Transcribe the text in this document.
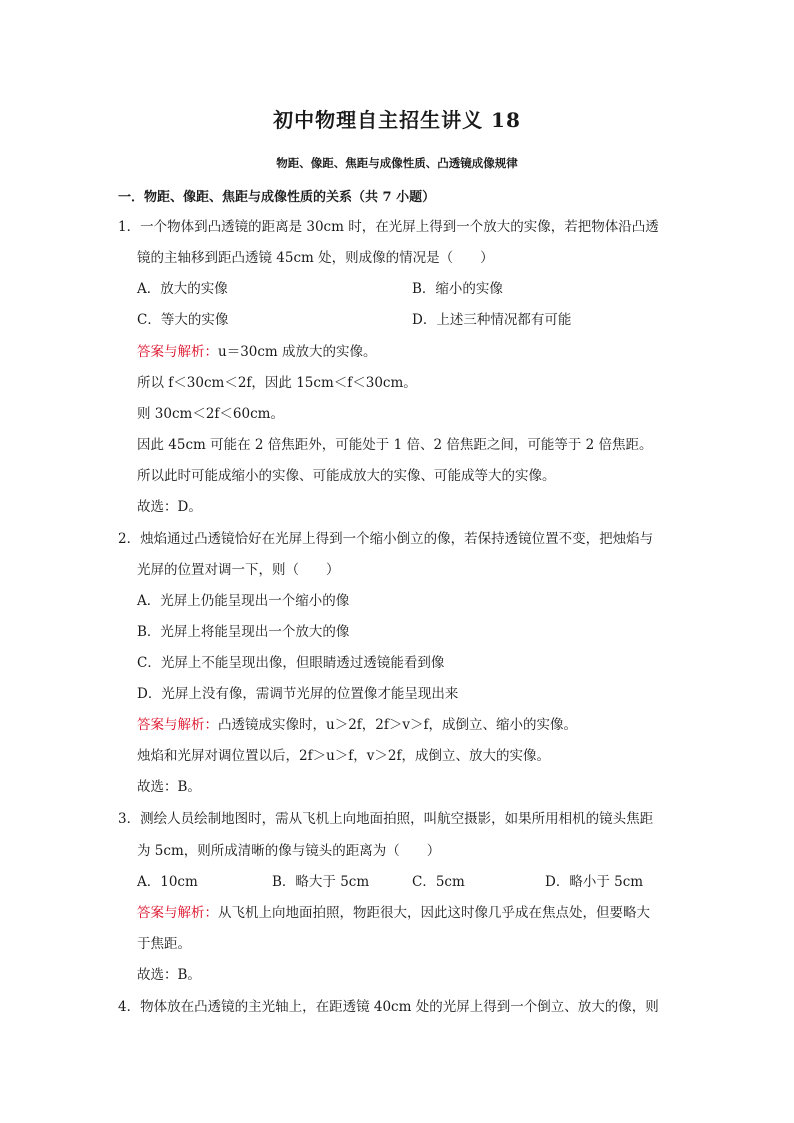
初中物理自主招生讲义 18
物距、像距、焦距与成像性质、凸透镜成像规律
一．物距、像距、焦距与成像性质的关系（共 7 小题）
1．一个物体到凸透镜的距离是 30cm 时，在光屏上得到一个放大的实像，若把物体沿凸透
镜的主轴移到距凸透镜 45cm 处，则成像的情况是（　　）
A．放大的实像	B．缩小的实像
C．等大的实像	D．上述三种情况都有可能
答案与解析：u＝30cm 成放大的实像。
所以 f＜30cm＜2f，因此 15cm＜f＜30cm。
则 30cm＜2f＜60cm。
因此 45cm 可能在 2 倍焦距外，可能处于 1 倍、2 倍焦距之间，可能等于 2 倍焦距。
所以此时可能成缩小的实像、可能成放大的实像、可能成等大的实像。
故选：D。
2．烛焰通过凸透镜恰好在光屏上得到一个缩小倒立的像，若保持透镜位置不变，把烛焰与
光屏的位置对调一下，则（　　）
A．光屏上仍能呈现出一个缩小的像
B．光屏上将能呈现出一个放大的像
C．光屏上不能呈现出像，但眼睛透过透镜能看到像
D．光屏上没有像，需调节光屏的位置像才能呈现出来
答案与解析：凸透镜成实像时，u＞2f，2f＞v＞f，成倒立、缩小的实像。
烛焰和光屏对调位置以后，2f＞u＞f，v＞2f，成倒立、放大的实像。
故选：B。
3．测绘人员绘制地图时，需从飞机上向地面拍照，叫航空摄影，如果所用相机的镜头焦距
为 5cm，则所成清晰的像与镜头的距离为（　　）
A．10cm	B．略大于 5cm	C．5cm	D．略小于 5cm
答案与解析：从飞机上向地面拍照，物距很大，因此这时像几乎成在焦点处，但要略大
于焦距。
故选：B。
4．物体放在凸透镜的主光轴上，在距透镜 40cm 处的光屏上得到一个倒立、放大的像，则
